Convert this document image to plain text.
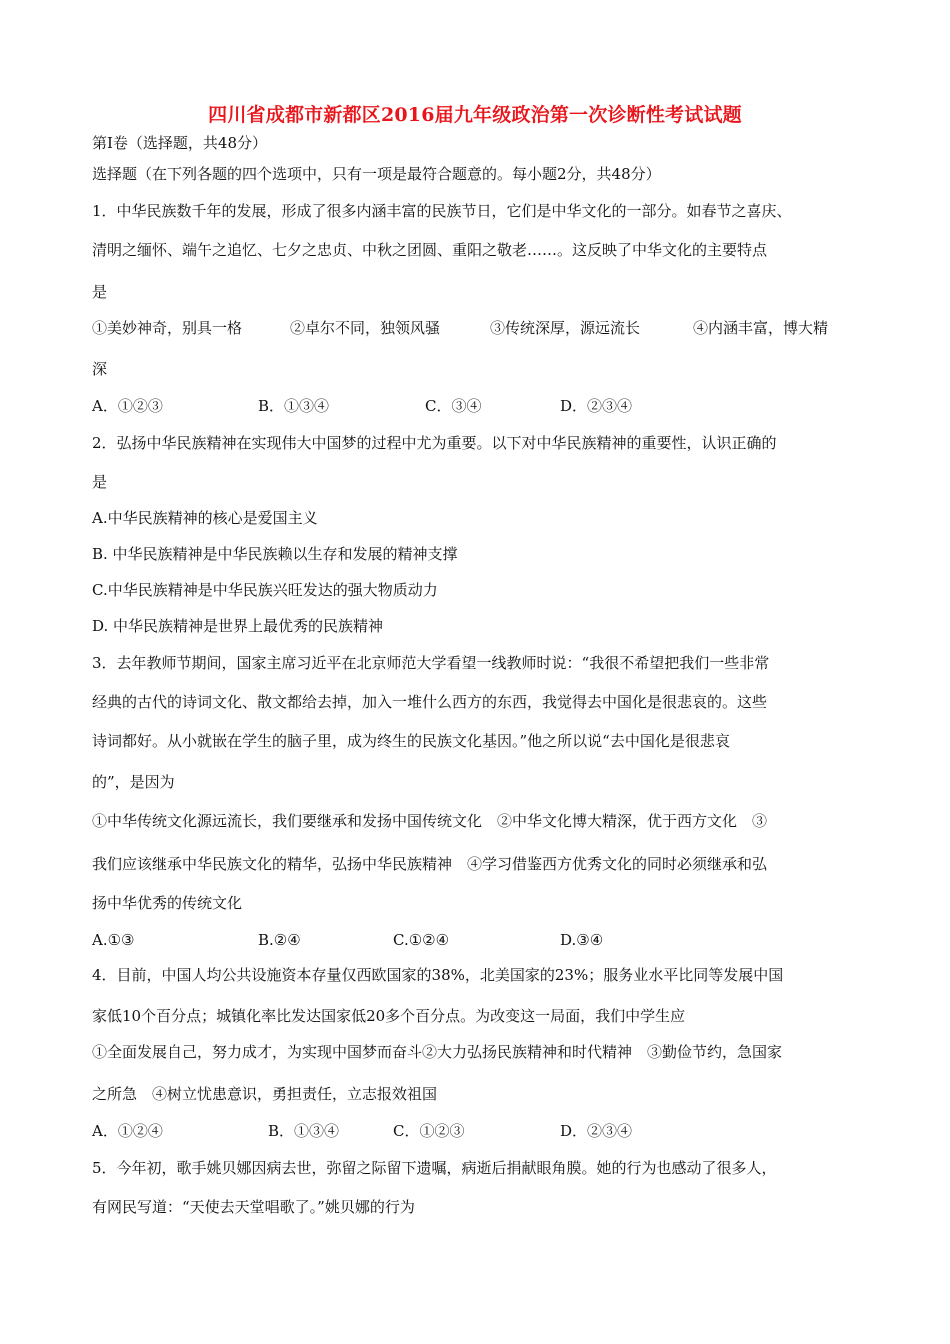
四川省成都市新都区2016届九年级政治第一次诊断性考试试题
第Ⅰ卷（选择题，共48分）
选择题（在下列各题的四个选项中，只有一项是最符合题意的。每小题2分，共48分）
1．中华民族数千年的发展，形成了很多内涵丰富的民族节日，它们是中华文化的一部分。如春节之喜庆、
清明之缅怀、端午之追忆、七夕之忠贞、中秋之团圆、重阳之敬老……。这反映了中华文化的主要特点
是
①美妙神奇，别具一格	②卓尔不同，独领风骚	③传统深厚，源远流长	④内涵丰富，博大精
深
A．①②③	B．①③④	C．③④	D．②③④
2．弘扬中华民族精神在实现伟大中国梦的过程中尤为重要。以下对中华民族精神的重要性，认识正确的
是
A.中华民族精神的核心是爱国主义
B. 中华民族精神是中华民族赖以生存和发展的精神支撑
C.中华民族精神是中华民族兴旺发达的强大物质动力
D. 中华民族精神是世界上最优秀的民族精神
3．去年教师节期间，国家主席习近平在北京师范大学看望一线教师时说：“我很不希望把我们一些非常
经典的古代的诗词文化、散文都给去掉，加入一堆什么西方的东西，我觉得去中国化是很悲哀的。这些
诗词都好。从小就嵌在学生的脑子里，成为终生的民族文化基因。”他之所以说“去中国化是很悲哀
的”，是因为
①中华传统文化源远流长，我们要继承和发扬中国传统文化　②中华文化博大精深，优于西方文化　③
我们应该继承中华民族文化的精华，弘扬中华民族精神　④学习借鉴西方优秀文化的同时必须继承和弘
扬中华优秀的传统文化
A.①③	B.②④	C.①②④	D.③④
4．目前，中国人均公共设施资本存量仅西欧国家的38%，北美国家的23%；服务业水平比同等发展中国
家低10个百分点；城镇化率比发达国家低20多个百分点。为改变这一局面，我们中学生应
①全面发展自己，努力成才，为实现中国梦而奋斗②大力弘扬民族精神和时代精神　③勤俭节约，急国家
之所急　④树立忧患意识，勇担责任，立志报效祖国
A．①②④	B．①③④	C．①②③	D．②③④
5．今年初，歌手姚贝娜因病去世，弥留之际留下遗嘱，病逝后捐献眼角膜。她的行为也感动了很多人，
有网民写道：“天使去天堂唱歌了。”姚贝娜的行为
